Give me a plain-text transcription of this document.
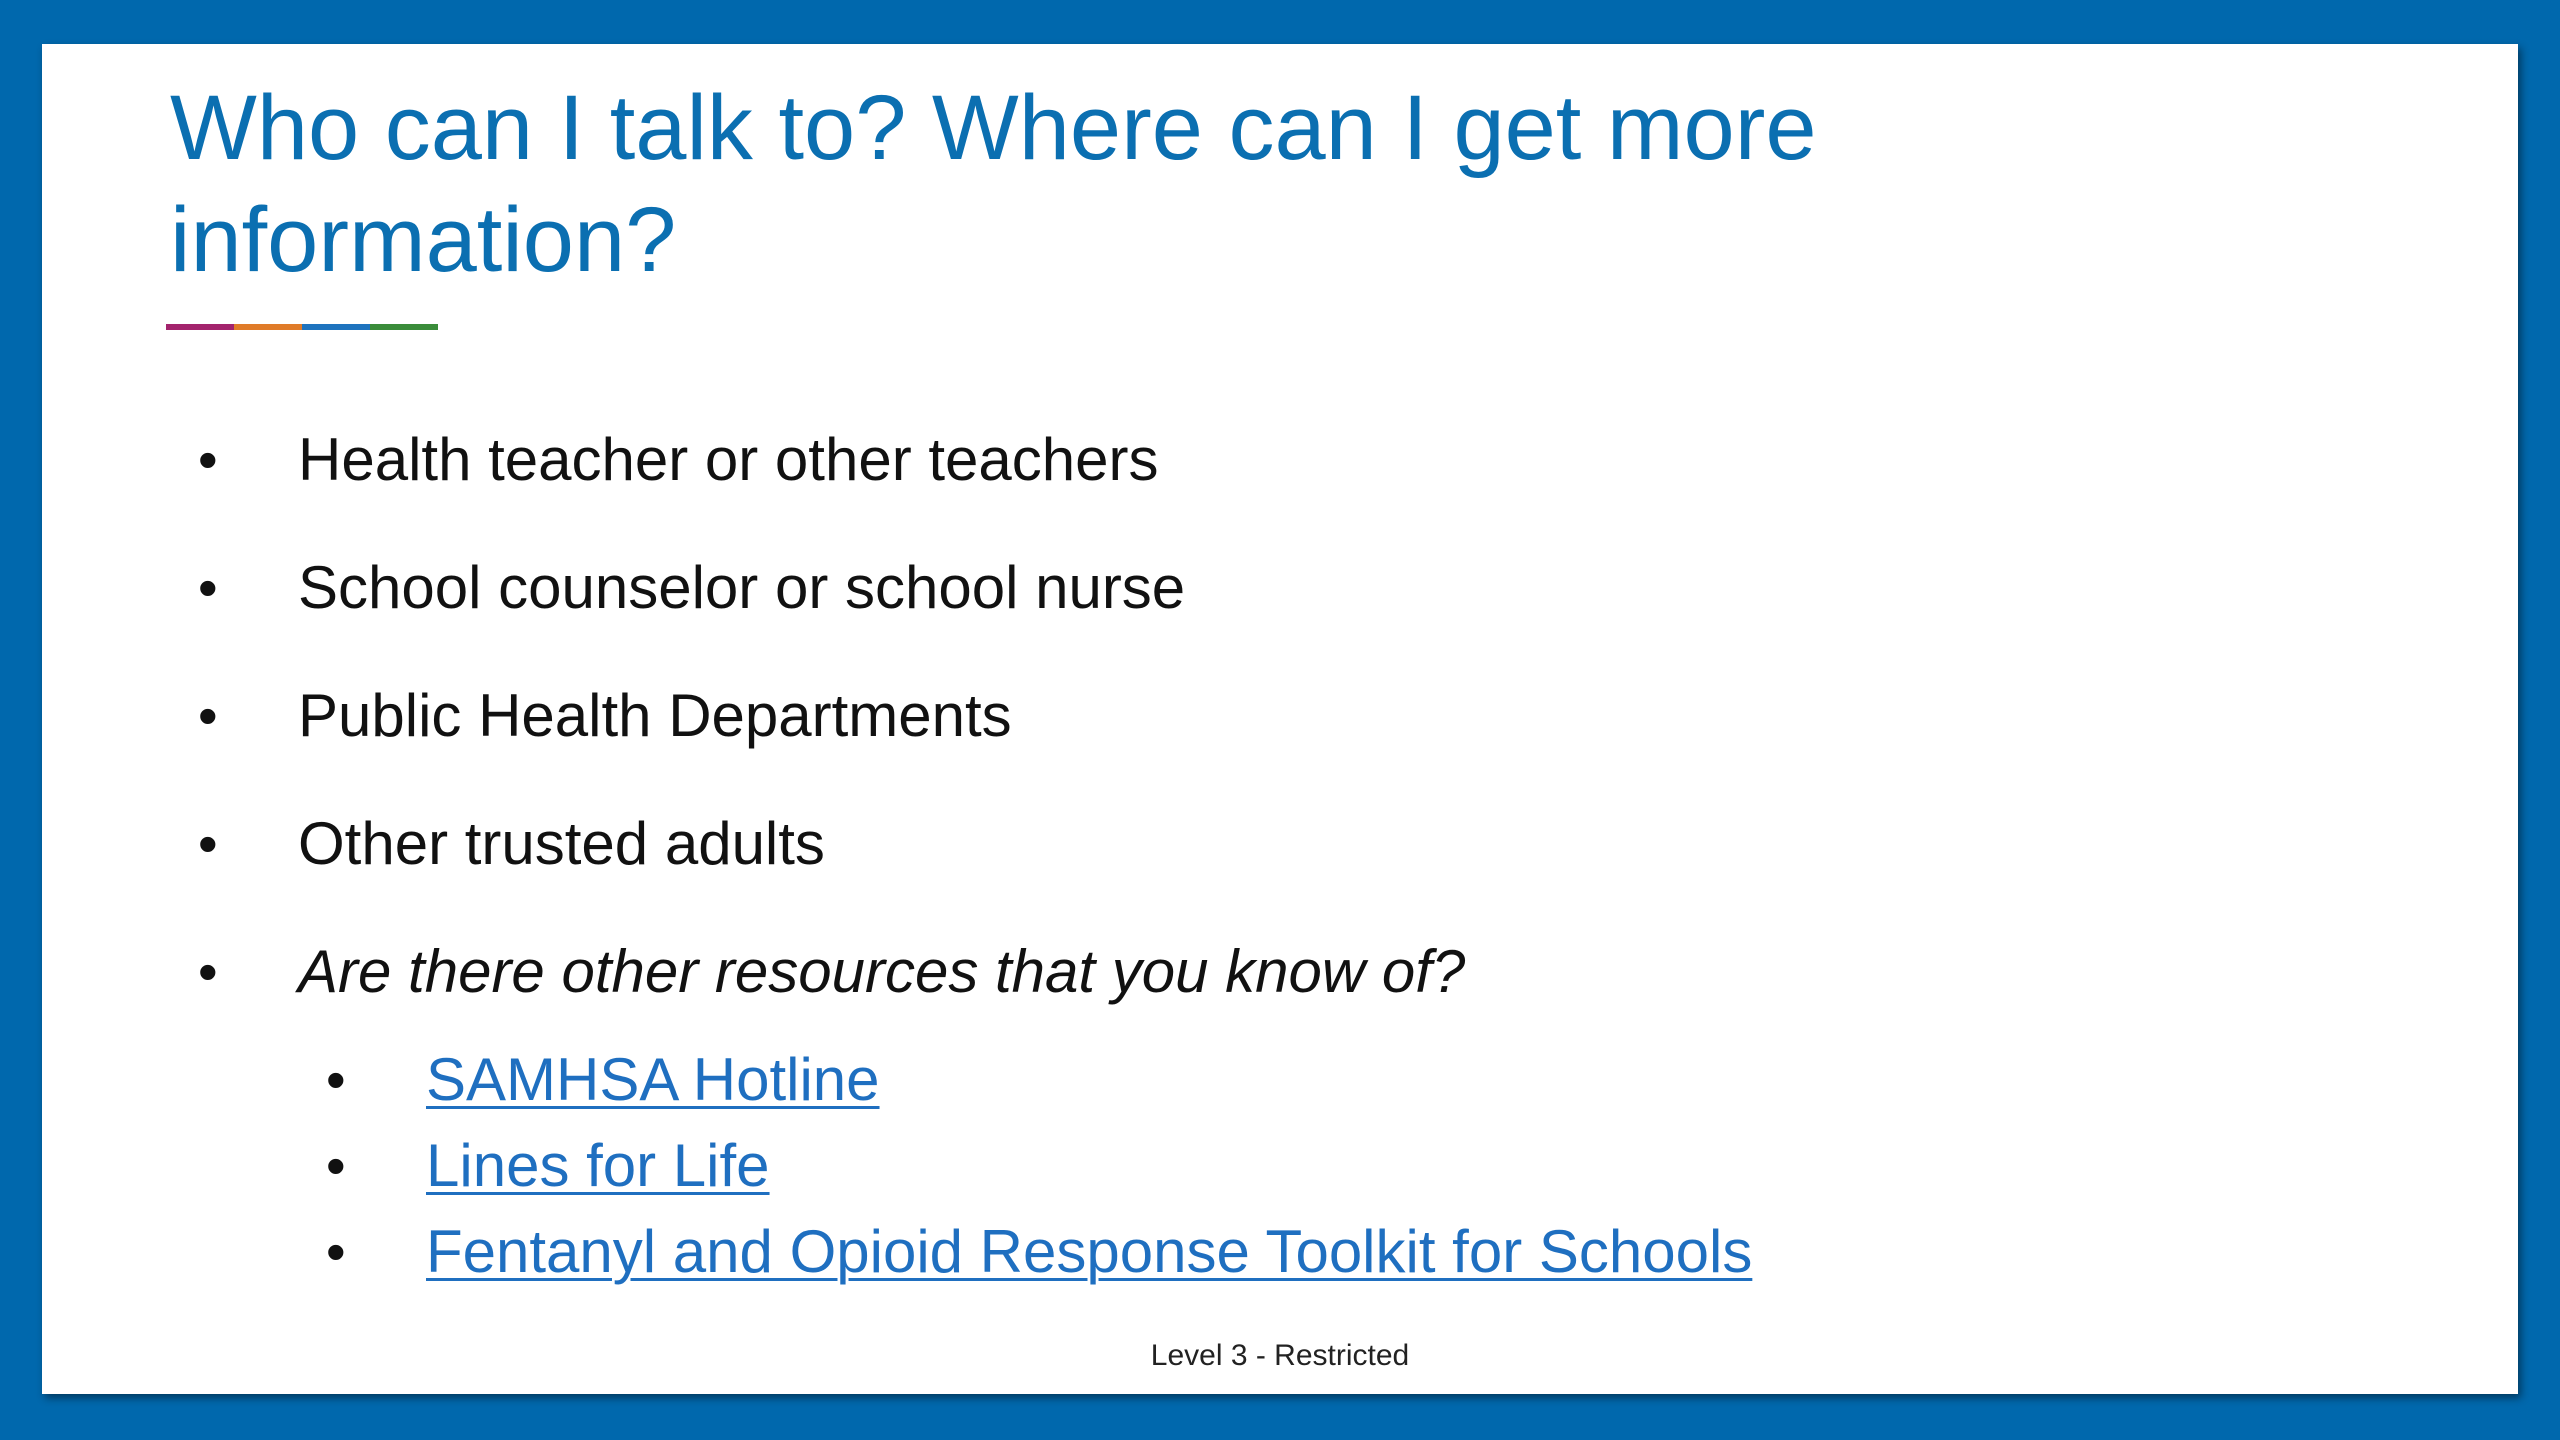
Who can I talk to? Where can I get more information?
• Health teacher or other teachers
• School counselor or school nurse
• Public Health Departments
• Other trusted adults
• Are there other resources that you know of?
• SAMHSA Hotline
• Lines for Life
• Fentanyl and Opioid Response Toolkit for Schools
Level 3 - Restricted
